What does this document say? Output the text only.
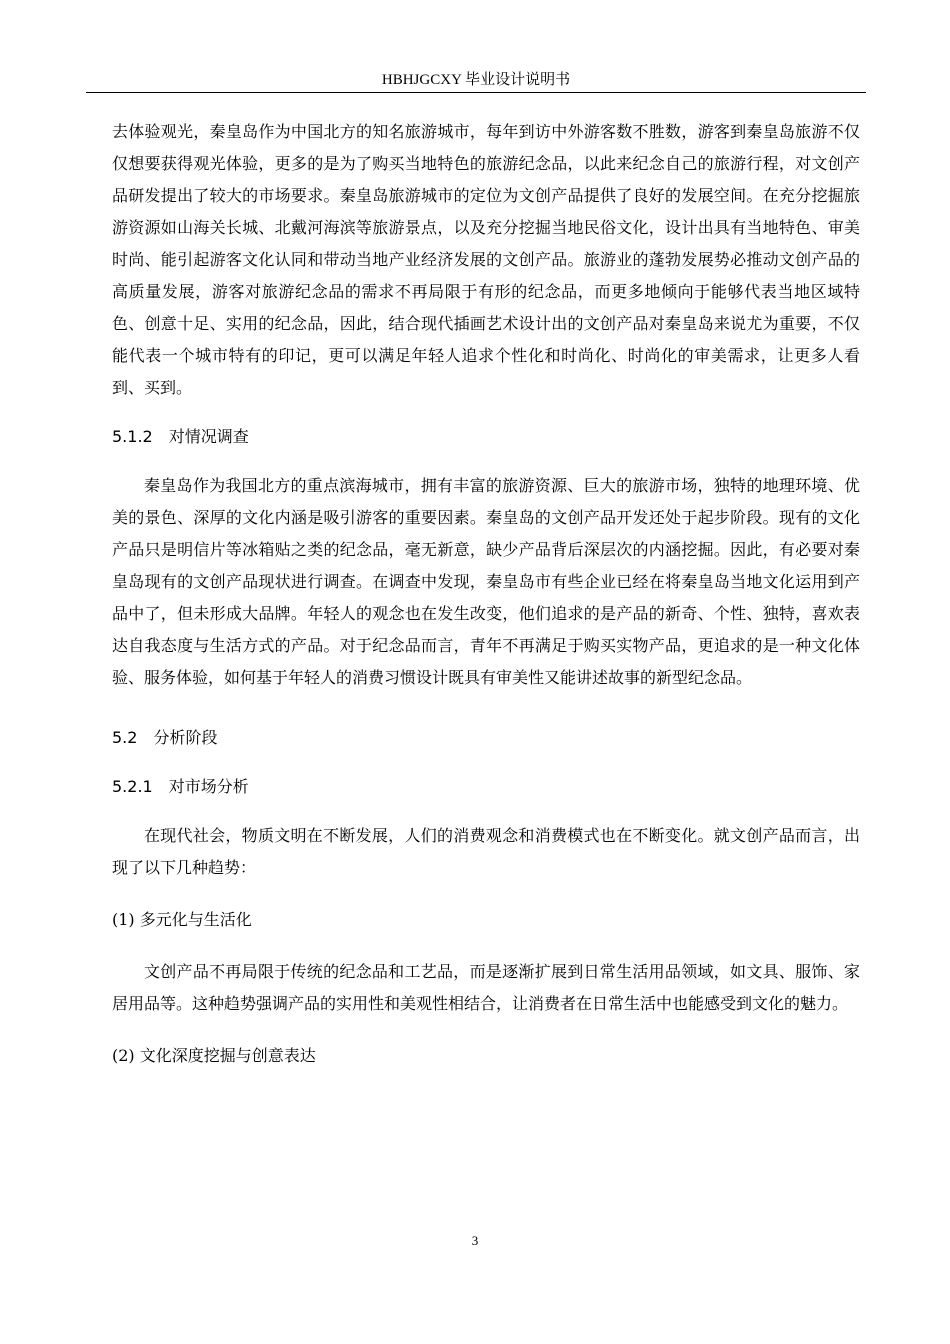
HBHJGCXY 毕业设计说明书

去体验观光，秦皇岛作为中国北方的知名旅游城市，每年到访中外游客数不胜数，游客到秦皇岛旅游不仅仅想要获得观光体验，更多的是为了购买当地特色的旅游纪念品，以此来纪念自己的旅游行程，对文创产品研发提出了较大的市场要求。秦皇岛旅游城市的定位为文创产品提供了良好的发展空间。在充分挖掘旅游资源如山海关长城、北戴河海滨等旅游景点，以及充分挖掘当地民俗文化，设计出具有当地特色、审美时尚、能引起游客文化认同和带动当地产业经济发展的文创产品。旅游业的蓬勃发展势必推动文创产品的高质量发展，游客对旅游纪念品的需求不再局限于有形的纪念品，而更多地倾向于能够代表当地区域特色、创意十足、实用的纪念品，因此，结合现代插画艺术设计出的文创产品对秦皇岛来说尤为重要，不仅能代表一个城市特有的印记，更可以满足年轻人追求个性化和时尚化、时尚化的审美需求，让更多人看到、买到。

5.1.2 对情况调查

秦皇岛作为我国北方的重点滨海城市，拥有丰富的旅游资源、巨大的旅游市场，独特的地理环境、优美的景色、深厚的文化内涵是吸引游客的重要因素。秦皇岛的文创产品开发还处于起步阶段。现有的文化产品只是明信片等冰箱贴之类的纪念品，毫无新意，缺少产品背后深层次的内涵挖掘。因此，有必要对秦皇岛现有的文创产品现状进行调查。在调查中发现，秦皇岛市有些企业已经在将秦皇岛当地文化运用到产品中了，但未形成大品牌。年轻人的观念也在发生改变，他们追求的是产品的新奇、个性、独特，喜欢表达自我态度与生活方式的产品。对于纪念品而言，青年不再满足于购买实物产品，更追求的是一种文化体验、服务体验，如何基于年轻人的消费习惯设计既具有审美性又能讲述故事的新型纪念品。

5.2 分析阶段

5.2.1 对市场分析

在现代社会，物质文明在不断发展，人们的消费观念和消费模式也在不断变化。就文创产品而言，出现了以下几种趋势：

(1) 多元化与生活化

文创产品不再局限于传统的纪念品和工艺品，而是逐渐扩展到日常生活用品领域，如文具、服饰、家居用品等。这种趋势强调产品的实用性和美观性相结合，让消费者在日常生活中也能感受到文化的魅力。

(2) 文化深度挖掘与创意表达

3
